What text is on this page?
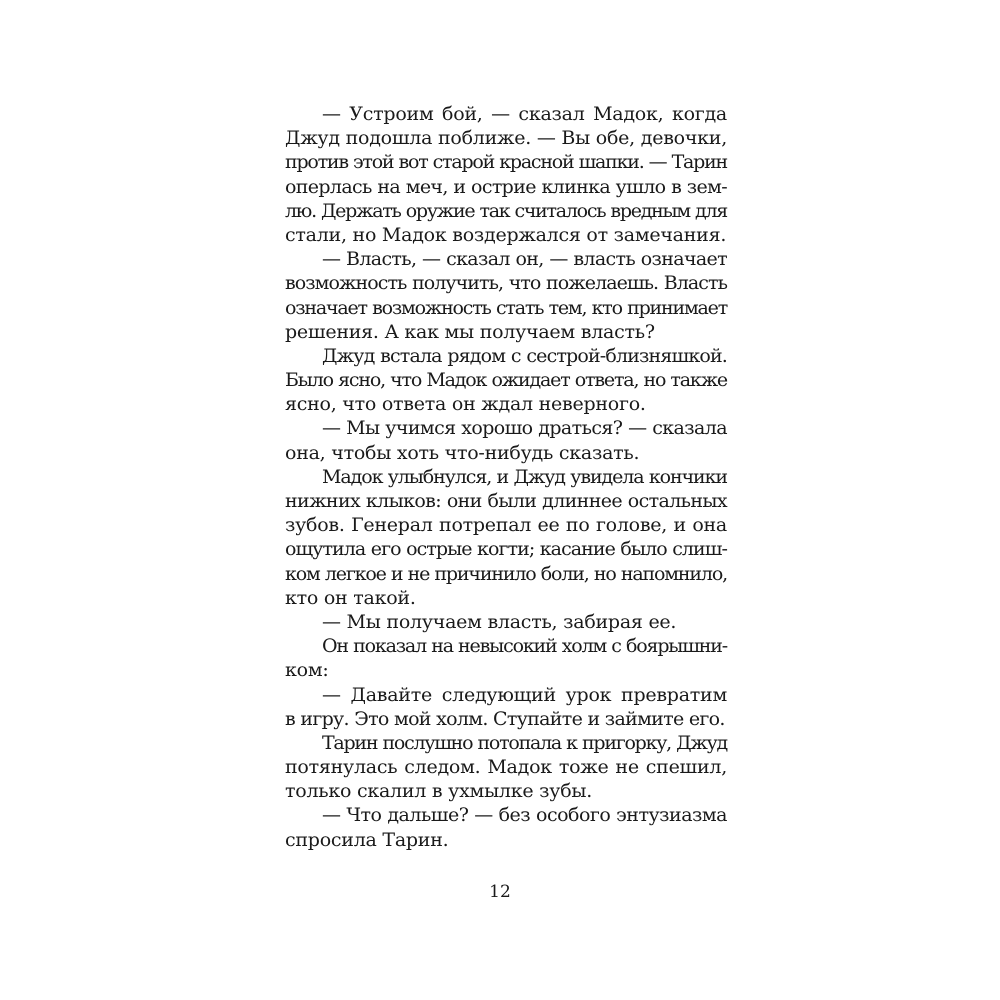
— Устроим бой, — сказал Мадок, когда
Джуд подошла поближе. — Вы обе, девочки,
против этой вот старой красной шапки. — Тарин
оперлась на меч, и острие клинка ушло в зем-
лю. Держать оружие так считалось вредным для
стали, но Мадок воздержался от замечания.
— Власть, — сказал он, — власть означает
возможность получить, что пожелаешь. Власть
означает возможность стать тем, кто принимает
решения. А как мы получаем власть?
Джуд встала рядом с сестрой-близняшкой.
Было ясно, что Мадок ожидает ответа, но также
ясно, что ответа он ждал неверного.
— Мы учимся хорошо драться? — сказала
она, чтобы хоть что-нибудь сказать.
Мадок улыбнулся, и Джуд увидела кончики
нижних клыков: они были длиннее остальных
зубов. Генерал потрепал ее по голове, и она
ощутила его острые когти; касание было слиш-
ком легкое и не причинило боли, но напомнило,
кто он такой.
— Мы получаем власть, забирая ее.
Он показал на невысокий холм с боярышни-
ком:
— Давайте следующий урок превратим
в игру. Это мой холм. Ступайте и займите его.
Тарин послушно потопала к пригорку, Джуд
потянулась следом. Мадок тоже не спешил,
только скалил в ухмылке зубы.
— Что дальше? — без особого энтузиазма
спросила Тарин.
12
